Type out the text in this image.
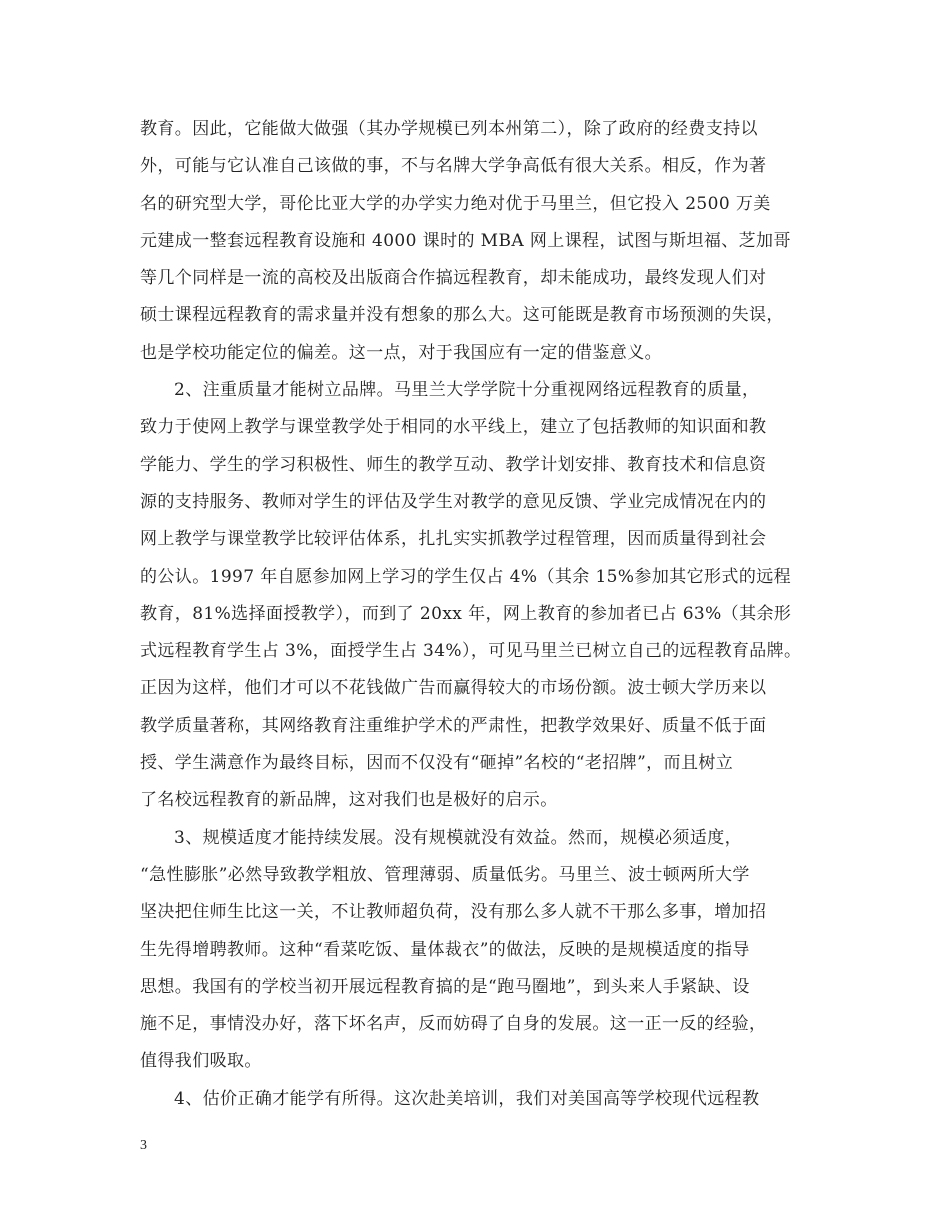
教育。因此，它能做大做强（其办学规模已列本州第二），除了政府的经费支持以
外，可能与它认准自己该做的事，不与名牌大学争高低有很大关系。相反，作为著
名的研究型大学，哥伦比亚大学的办学实力绝对优于马里兰，但它投入 2500 万美
元建成一整套远程教育设施和 4000 课时的 MBA 网上课程，试图与斯坦福、芝加哥
等几个同样是一流的高校及出版商合作搞远程教育，却未能成功，最终发现人们对
硕士课程远程教育的需求量并没有想象的那么大。这可能既是教育市场预测的失误，
也是学校功能定位的偏差。这一点，对于我国应有一定的借鉴意义。
2、注重质量才能树立品牌。马里兰大学学院十分重视网络远程教育的质量，
致力于使网上教学与课堂教学处于相同的水平线上，建立了包括教师的知识面和教
学能力、学生的学习积极性、师生的教学互动、教学计划安排、教育技术和信息资
源的支持服务、教师对学生的评估及学生对教学的意见反馈、学业完成情况在内的
网上教学与课堂教学比较评估体系，扎扎实实抓教学过程管理，因而质量得到社会
的公认。1997 年自愿参加网上学习的学生仅占 4%（其余 15%参加其它形式的远程
教育，81%选择面授教学），而到了 20xx 年，网上教育的参加者已占 63%（其余形
式远程教育学生占 3%，面授学生占 34%），可见马里兰已树立自己的远程教育品牌。
正因为这样，他们才可以不花钱做广告而赢得较大的市场份额。波士顿大学历来以
教学质量著称，其网络教育注重维护学术的严肃性，把教学效果好、质量不低于面
授、学生满意作为最终目标，因而不仅没有“砸掉”名校的“老招牌”，而且树立
了名校远程教育的新品牌，这对我们也是极好的启示。
3、规模适度才能持续发展。没有规模就没有效益。然而，规模必须适度，
“急性膨胀”必然导致教学粗放、管理薄弱、质量低劣。马里兰、波士顿两所大学
坚决把住师生比这一关，不让教师超负荷，没有那么多人就不干那么多事，增加招
生先得增聘教师。这种“看菜吃饭、量体裁衣”的做法，反映的是规模适度的指导
思想。我国有的学校当初开展远程教育搞的是“跑马圈地”，到头来人手紧缺、设
施不足，事情没办好，落下坏名声，反而妨碍了自身的发展。这一正一反的经验，
值得我们吸取。
4、估价正确才能学有所得。这次赴美培训，我们对美国高等学校现代远程教
3
